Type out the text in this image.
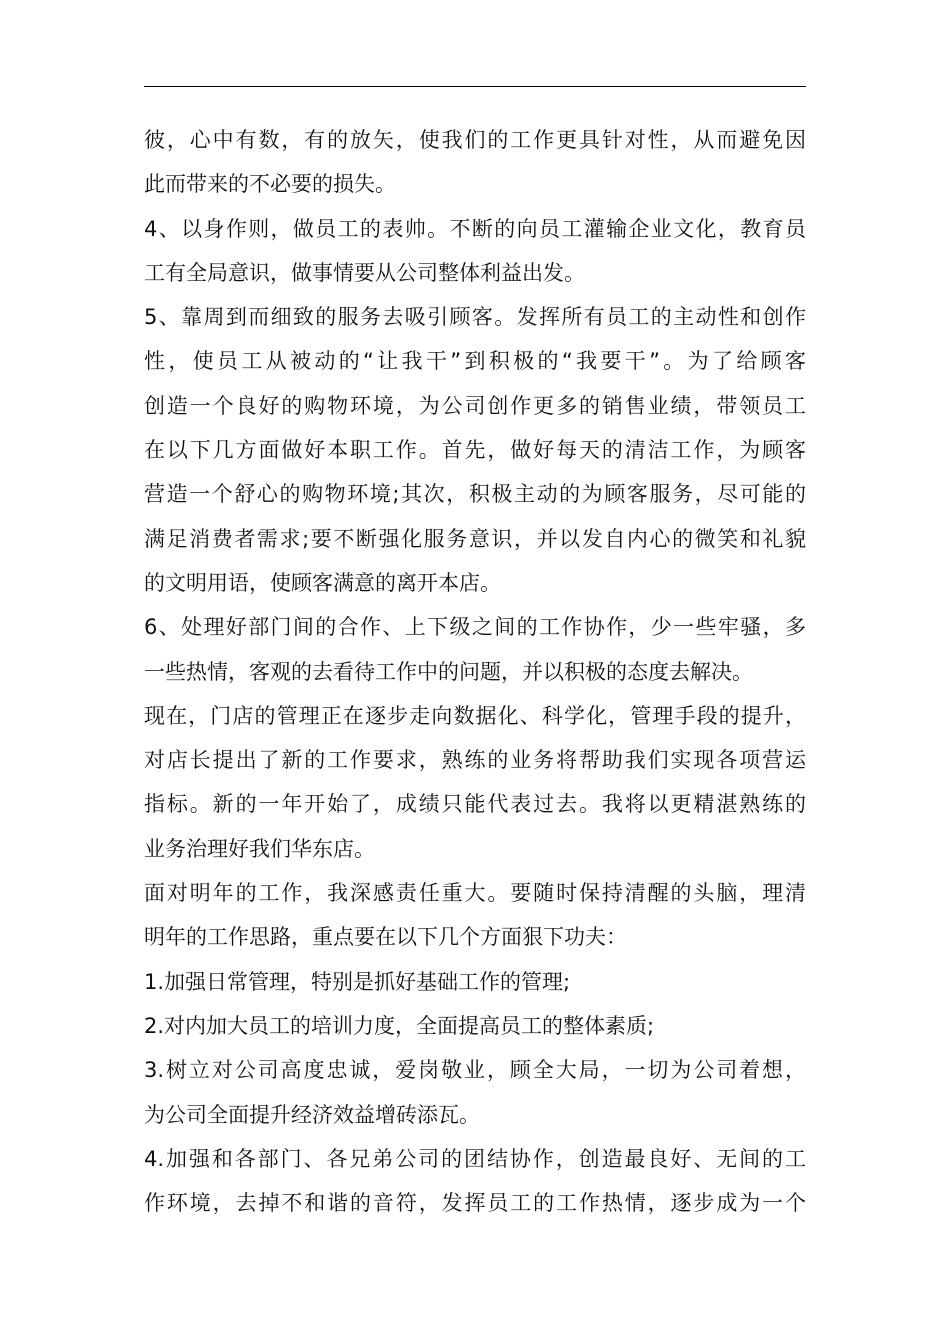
彼，心中有数，有的放矢，使我们的工作更具针对性，从而避免因
此而带来的不必要的损失。
4、以身作则，做员工的表帅。不断的向员工灌输企业文化，教育员
工有全局意识，做事情要从公司整体利益出发。
5、靠周到而细致的服务去吸引顾客。发挥所有员工的主动性和创作
性，使员工从被动的“让我干”到积极的“我要干”。为了给顾客
创造一个良好的购物环境，为公司创作更多的销售业绩，带领员工
在以下几方面做好本职工作。首先，做好每天的清洁工作，为顾客
营造一个舒心的购物环境;其次，积极主动的为顾客服务，尽可能的
满足消费者需求;要不断强化服务意识，并以发自内心的微笑和礼貌
的文明用语，使顾客满意的离开本店。
6、处理好部门间的合作、上下级之间的工作协作，少一些牢骚，多
一些热情，客观的去看待工作中的问题，并以积极的态度去解决。
现在，门店的管理正在逐步走向数据化、科学化，管理手段的提升，
对店长提出了新的工作要求，熟练的业务将帮助我们实现各项营运
指标。新的一年开始了，成绩只能代表过去。我将以更精湛熟练的
业务治理好我们华东店。
面对明年的工作，我深感责任重大。要随时保持清醒的头脑，理清
明年的工作思路，重点要在以下几个方面狠下功夫：
1.加强日常管理，特别是抓好基础工作的管理;
2.对内加大员工的培训力度，全面提高员工的整体素质;
3.树立对公司高度忠诚，爱岗敬业，顾全大局，一切为公司着想，
为公司全面提升经济效益增砖添瓦。
4.加强和各部门、各兄弟公司的团结协作，创造最良好、无间的工
作环境，去掉不和谐的音符，发挥员工的工作热情，逐步成为一个
